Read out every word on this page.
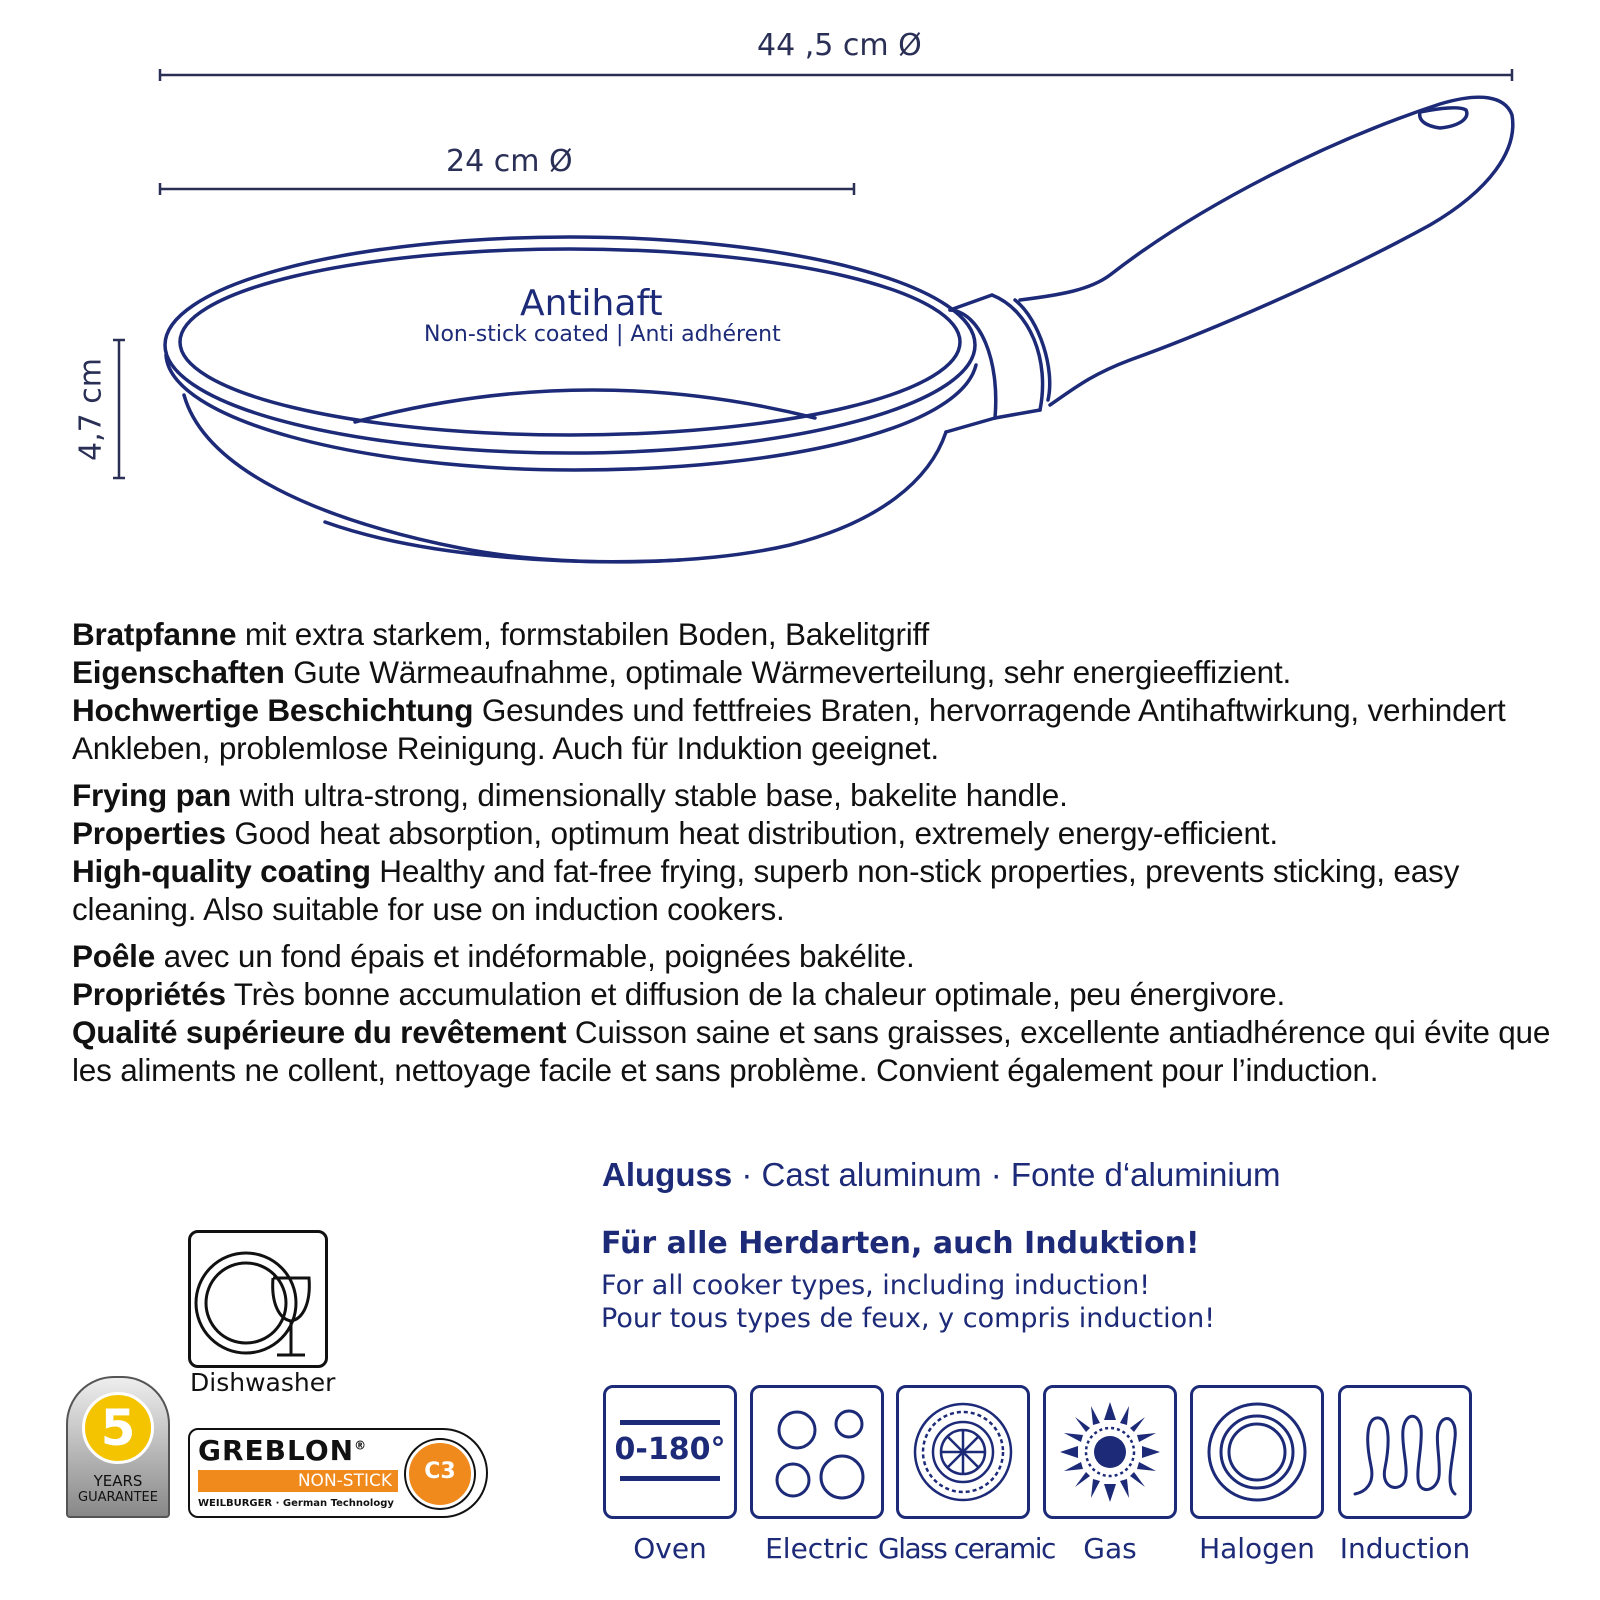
44 ,5 cm Ø
24 cm Ø
4,7 cm
Antihaft
Non-stick coated | Anti adhérent

Bratpfanne mit extra starkem, formstabilen Boden, Bakelitgriff

Eigenschaften Gute Wärmeaufnahme, optimale Wärmeverteilung, sehr energieeffizient.

Hochwertige Beschichtung Gesundes und fettfreies Braten, hervorragende Antihaftwirkung, verhindert Ankleben, problemlose Reinigung. Auch für Induktion geeignet.

Frying pan with ultra-strong, dimensionally stable base, bakelite handle.

Properties Good heat absorption, optimum heat distribution, extremely energy-efficient.

High-quality coating Healthy and fat-free frying, superb non-stick properties, prevents sticking, easy cleaning. Also suitable for use on induction cookers.

Poêle avec un fond épais et indéformable, poignées bakélite.

Propriétés Très bonne accumulation et diffusion de la chaleur optimale, peu énergivore.

Qualité supérieure du revêtement Cuisson saine et sans graisses, excellente antiadhérence qui évite que les aliments ne collent, nettoyage facile et sans problème. Convient également pour l’induction.

Aluguss · Cast aluminum · Fonte d‘aluminium
Für alle Herdarten, auch Induktion!
For all cooker types, including induction!
Pour tous types de feux, y compris induction!
0-180°
Oven	Electric Glass ceramic	Gas	Halogen Induction
Dishwasher
5
YEARS
GUARANTEE
GREBLON®
NON-STICK	C3
WEILBURGER · German Technology
